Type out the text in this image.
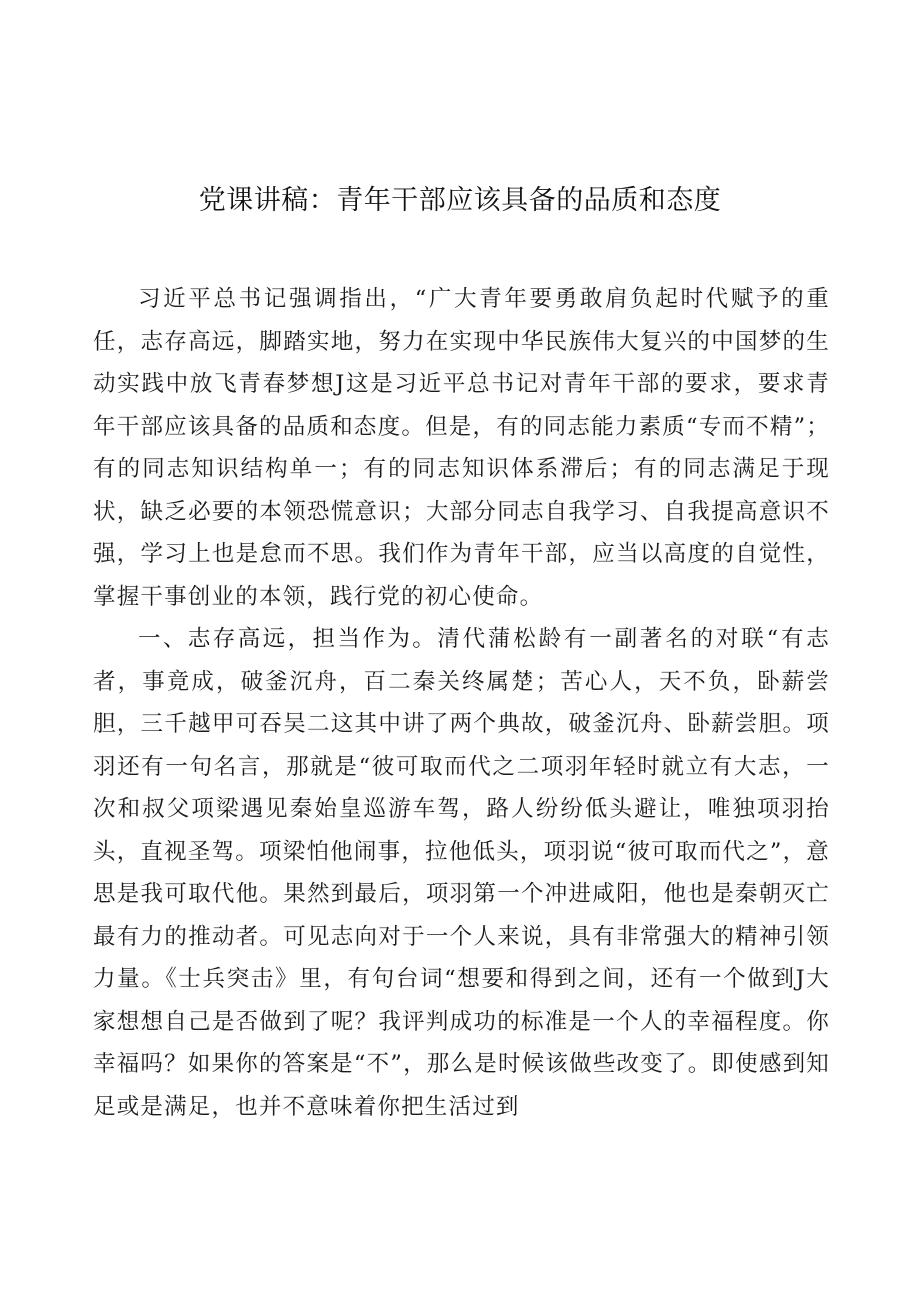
党课讲稿：青年干部应该具备的品质和态度

习近平总书记强调指出，“广大青年要勇敢肩负起时代赋予的重任，志存高远，脚踏实地，努力在实现中华民族伟大复兴的中国梦的生动实践中放飞青春梦想J这是习近平总书记对青年干部的要求，要求青年干部应该具备的品质和态度。但是，有的同志能力素质“专而不精”；有的同志知识结构单一；有的同志知识体系滞后；有的同志满足于现状，缺乏必要的本领恐慌意识；大部分同志自我学习、自我提高意识不强，学习上也是怠而不思。我们作为青年干部，应当以高度的自觉性，掌握干事创业的本领，践行党的初心使命。

一、志存高远，担当作为。清代蒲松龄有一副著名的对联“有志者，事竟成，破釜沉舟，百二秦关终属楚；苦心人，天不负，卧薪尝胆，三千越甲可吞吴二这其中讲了两个典故，破釜沉舟、卧薪尝胆。项羽还有一句名言，那就是“彼可取而代之二项羽年轻时就立有大志，一次和叔父项梁遇见秦始皇巡游车驾，路人纷纷低头避让，唯独项羽抬头，直视圣驾。项梁怕他闹事，拉他低头，项羽说“彼可取而代之”，意思是我可取代他。果然到最后，项羽第一个冲进咸阳，他也是秦朝灭亡最有力的推动者。可见志向对于一个人来说，具有非常强大的精神引领力量。《士兵突击》里，有句台词“想要和得到之间，还有一个做到J大家想想自己是否做到了呢？我评判成功的标准是一个人的幸福程度。你幸福吗？如果你的答案是“不”，那么是时候该做些改变了。即使感到知足或是满足，也并不意味着你把生活过到
